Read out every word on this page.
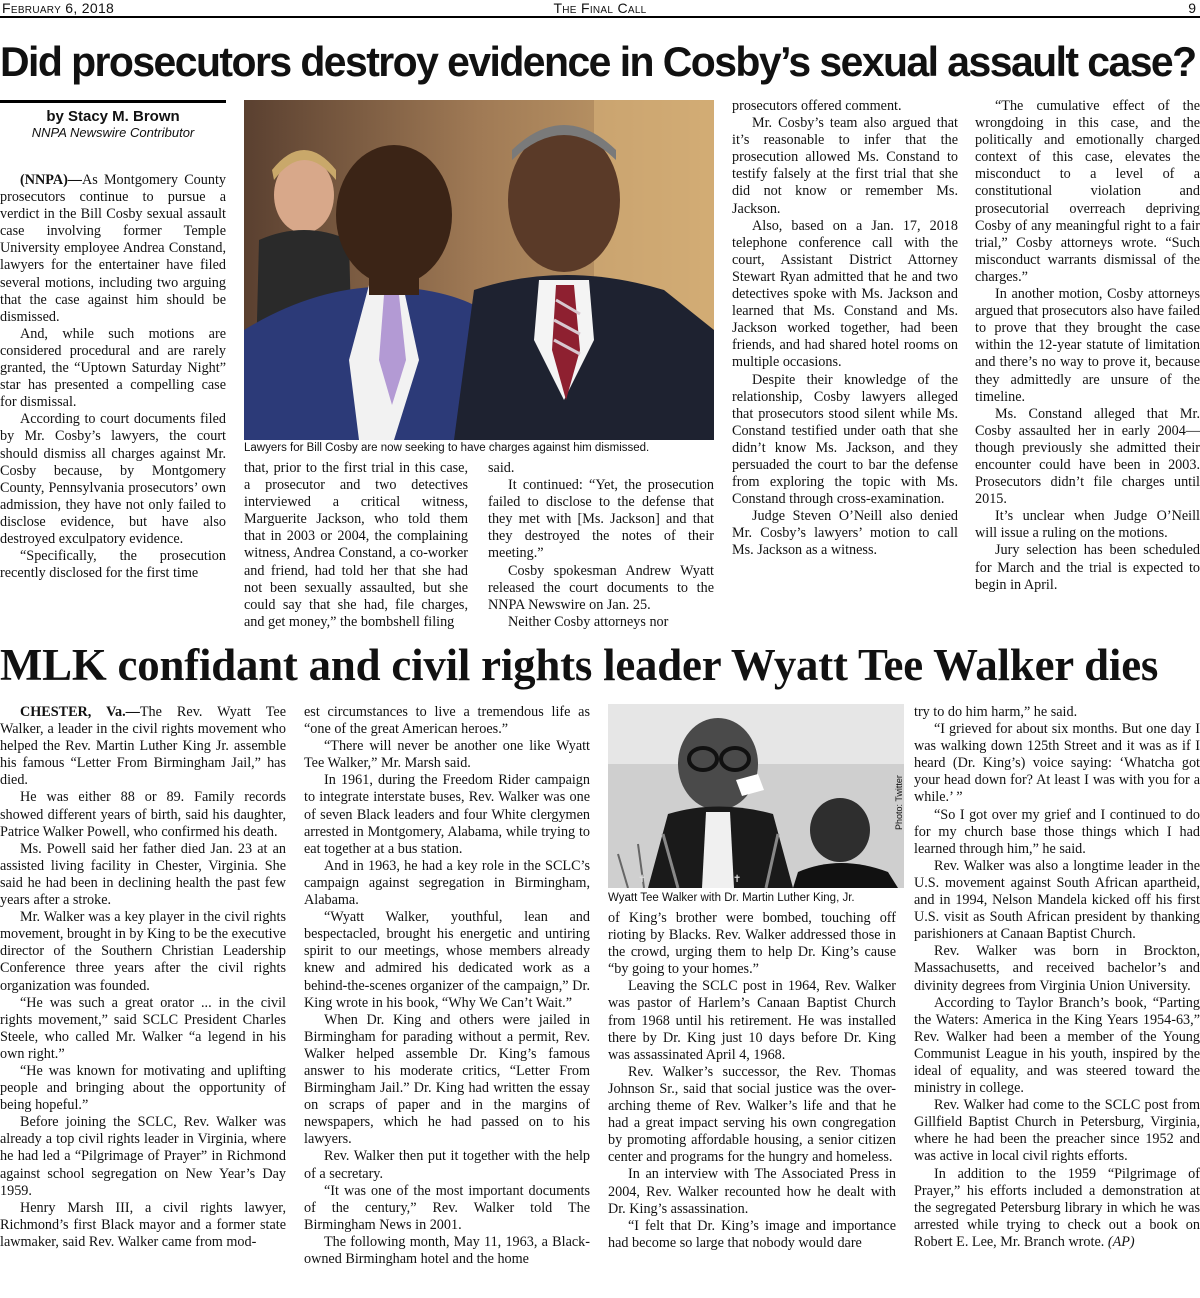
February 6, 2018	The Final Call	9
Did prosecutors destroy evidence in Cosby’s sexual assault case?
by Stacy M. Brown
NNPA Newswire Contributor

(NNPA)—As Montgomery County prosecutors continue to pursue a verdict in the Bill Cosby sexual assault case involving former Temple University employee Andrea Constand, lawyers for the entertainer have filed several motions, including two arguing that the case against him should be dismissed.

And, while such motions are considered procedural and are rarely granted, the “Uptown Saturday Night” star has presented a compelling case for dismissal.

According to court documents filed by Mr. Cosby’s lawyers, the court should dismiss all charges against Mr. Cosby because, by Montgomery County, Pennsylvania prosecutors’ own admission, they have not only failed to disclose evidence, but have also destroyed exculpatory evidence.

“Specifically, the prosecution recently disclosed for the first time

Lawyers for Bill Cosby are now seeking to have charges against him dismissed.

that, prior to the first trial in this case, a prosecutor and two detectives interviewed a critical witness, Marguerite Jackson, who told them that in 2003 or 2004, the complaining witness, Andrea Constand, a co-worker and friend, had told her that she had not been sexually assaulted, but she could say that she had, file charges, and get money,” the bombshell filing

said.

It continued: “Yet, the prosecution failed to disclose to the defense that they met with [Ms. Jackson] and that they destroyed the notes of their meeting.”

Cosby spokesman Andrew Wyatt released the court documents to the NNPA Newswire on Jan. 25.

Neither Cosby attorneys nor

prosecutors offered comment.

Mr. Cosby’s team also argued that it’s reasonable to infer that the prosecution allowed Ms. Constand to testify falsely at the first trial that she did not know or remember Ms. Jackson.

Also, based on a Jan. 17, 2018 telephone conference call with the court, Assistant District Attorney Stewart Ryan admitted that he and two detectives spoke with Ms. Jackson and learned that Ms. Constand and Ms. Jackson worked together, had been friends, and had shared hotel rooms on multiple occasions.

Despite their knowledge of the relationship, Cosby lawyers alleged that prosecutors stood silent while Ms. Constand testified under oath that she didn’t know Ms. Jackson, and they persuaded the court to bar the defense from exploring the topic with Ms. Constand through cross-examination.

Judge Steven O’Neill also denied Mr. Cosby’s lawyers’ motion to call Ms. Jackson as a witness.

“The cumulative effect of the wrongdoing in this case, and the politically and emotionally charged context of this case, elevates the misconduct to a level of a constitutional violation and prosecutorial overreach depriving Cosby of any meaningful right to a fair trial,” Cosby attorneys wrote. “Such misconduct warrants dismissal of the charges.”

In another motion, Cosby attorneys argued that prosecutors also have failed to prove that they brought the case within the 12-year statute of limitation and there’s no way to prove it, because they admittedly are unsure of the timeline.

Ms. Constand alleged that Mr. Cosby assaulted her in early 2004—though previously she admitted their encounter could have been in 2003. Prosecutors didn’t file charges until 2015.

It’s unclear when Judge O’Neill will issue a ruling on the motions.

Jury selection has been scheduled for March and the trial is expected to begin in April.

MLK confidant and civil rights leader Wyatt Tee Walker dies

CHESTER, Va.—The Rev. Wyatt Tee Walker, a leader in the civil rights movement who helped the Rev. Martin Luther King Jr. assemble his famous “Letter From Birmingham Jail,” has died.

He was either 88 or 89. Family records showed different years of birth, said his daughter, Patrice Walker Powell, who confirmed his death.

Ms. Powell said her father died Jan. 23 at an assisted living facility in Chester, Virginia. She said he had been in declining health the past few years after a stroke.

Mr. Walker was a key player in the civil rights movement, brought in by King to be the executive director of the Southern Christian Leadership Conference three years after the civil rights organization was founded.

“He was such a great orator ... in the civil rights movement,” said SCLC President Charles Steele, who called Mr. Walker “a legend in his own right.”

“He was known for motivating and uplifting people and bringing about the opportunity of being hopeful.”

Before joining the SCLC, Rev. Walker was already a top civil rights leader in Virginia, where he had led a “Pilgrimage of Prayer” in Richmond against school segregation on New Year’s Day 1959.

Henry Marsh III, a civil rights lawyer, Richmond’s first Black mayor and a former state lawmaker, said Rev. Walker came from mod-

est circumstances to live a tremendous life as “one of the great American heroes.”

“There will never be another one like Wyatt Tee Walker,” Mr. Marsh said.

In 1961, during the Freedom Rider campaign to integrate interstate buses, Rev. Walker was one of seven Black leaders and four White clergymen arrested in Montgomery, Alabama, while trying to eat together at a bus station.

And in 1963, he had a key role in the SCLC’s campaign against segregation in Birmingham, Alabama.

“Wyatt Walker, youthful, lean and bespectacled, brought his energetic and untiring spirit to our meetings, whose members already knew and admired his dedicated work as a behind-the-scenes organizer of the campaign,” Dr. King wrote in his book, “Why We Can’t Wait.”

When Dr. King and others were jailed in Birmingham for parading without a permit, Rev. Walker helped assemble Dr. King’s famous answer to his moderate critics, “Letter From Birmingham Jail.” Dr. King had written the essay on scraps of paper and in the margins of newspapers, which he had passed on to his lawyers.

Rev. Walker then put it together with the help of a secretary.

“It was one of the most important documents of the century,” Rev. Walker told The Birmingham News in 2001.

The following month, May 11, 1963, a Black-owned Birmingham hotel and the home

✝	✝
Photo: Twitter
Wyatt Tee Walker with Dr. Martin Luther King, Jr.

of King’s brother were bombed, touching off rioting by Blacks. Rev. Walker addressed those in the crowd, urging them to help Dr. King’s cause “by going to your homes.”

Leaving the SCLC post in 1964, Rev. Walker was pastor of Harlem’s Canaan Baptist Church from 1968 until his retirement. He was installed there by Dr. King just 10 days before Dr. King was assassinated April 4, 1968.

Rev. Walker’s successor, the Rev. Thomas Johnson Sr., said that social justice was the over-arching theme of Rev. Walker’s life and that he had a great impact serving his own congregation by promoting affordable housing, a senior citizen center and programs for the hungry and homeless.

In an interview with The Associated Press in 2004, Rev. Walker recounted how he dealt with Dr. King’s assassination.

“I felt that Dr. King’s image and importance had become so large that nobody would dare

try to do him harm,” he said.

“I grieved for about six months. But one day I was walking down 125th Street and it was as if I heard (Dr. King’s) voice saying: ‘Whatcha got your head down for? At least I was with you for a while.’ ”

“So I got over my grief and I continued to do for my church base those things which I had learned through him,” he said.

Rev. Walker was also a longtime leader in the U.S. movement against South African apartheid, and in 1994, Nelson Mandela kicked off his first U.S. visit as South African president by thanking parishioners at Canaan Baptist Church.

Rev. Walker was born in Brockton, Massachusetts, and received bachelor’s and divinity degrees from Virginia Union University.

According to Taylor Branch’s book, “Parting the Waters: America in the King Years 1954-63,” Rev. Walker had been a member of the Young Communist League in his youth, inspired by the ideal of equality, and was steered toward the ministry in college.

Rev. Walker had come to the SCLC post from Gillfield Baptist Church in Petersburg, Virginia, where he had been the preacher since 1952 and was active in local civil rights efforts.

In addition to the 1959 “Pilgrimage of Prayer,” his efforts included a demonstration at the segregated Petersburg library in which he was arrested while trying to check out a book on Robert E. Lee, Mr. Branch wrote. (AP)
